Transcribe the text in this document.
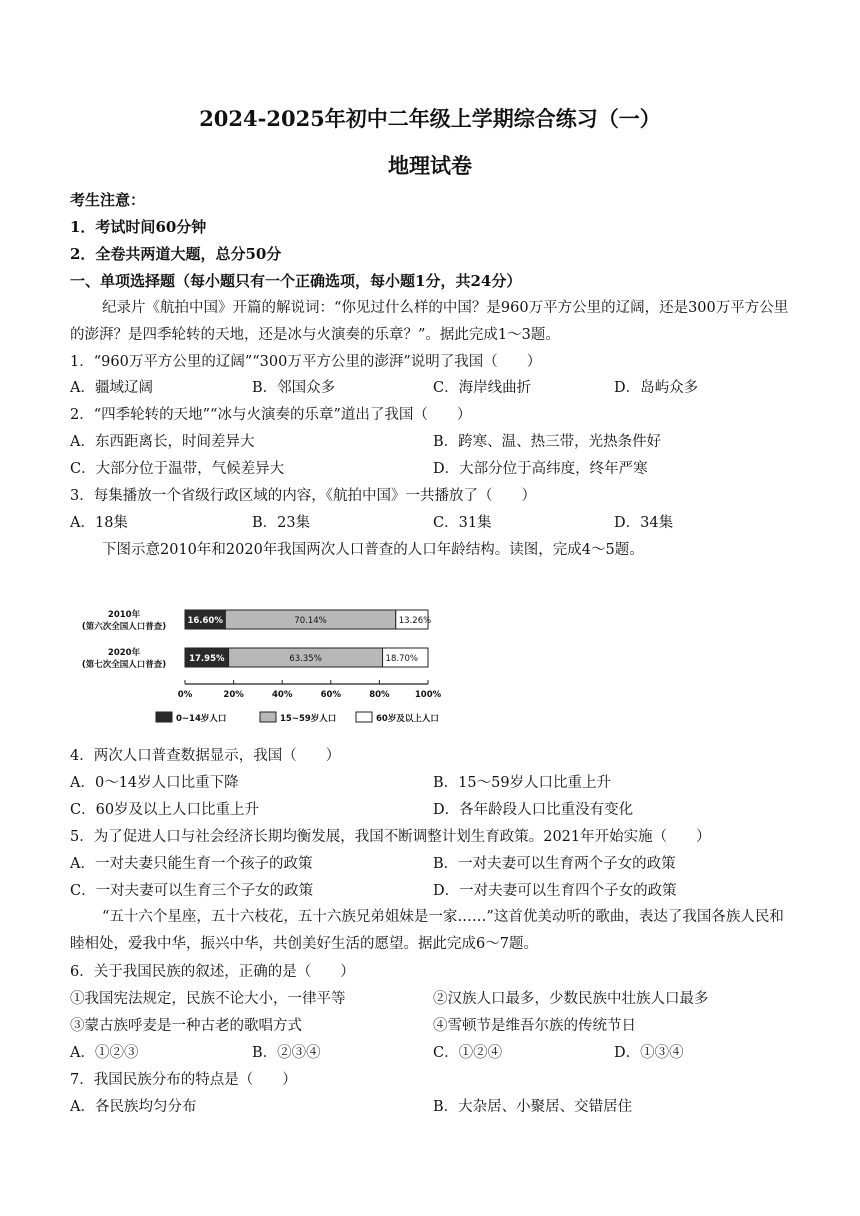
2024-2025年初中二年级上学期综合练习（一）
地理试卷
考生注意：
1．考试时间60分钟
2．全卷共两道大题，总分50分
一、单项选择题（每小题只有一个正确选项，每小题1分，共24分）
纪录片《航拍中国》开篇的解说词：“你见过什么样的中国？是960万平方公里的辽阔，还是300万平方公里的澎湃？是四季轮转的天地，还是冰与火演奏的乐章？”。据此完成1～3题。
1．“960万平方公里的辽阔”“300万平方公里的澎湃”说明了我国（　　）
A．疆域辽阔	B．邻国众多	C．海岸线曲折	D．岛屿众多
2．“四季轮转的天地”“冰与火演奏的乐章”道出了我国（　　）
A．东西距离长，时间差异大	B．跨寒、温、热三带，光热条件好
C．大部分位于温带，气候差异大	D．大部分位于高纬度，终年严寒
3．每集播放一个省级行政区域的内容，《航拍中国》一共播放了（　　）
A．18集	B．23集	C．31集	D．34集
下图示意2010年和2020年我国两次人口普查的人口年龄结构。读图，完成4～5题。
2010年
(第六次全国人口普查)
2020年
(第七次全国人口普查)
16.60%	70.14%	13.26%
17.95%	63.35%	18.70%
0%	20%	40%	60%	80%	100%
0~14岁人口	15~59岁人口	60岁及以上人口
4．两次人口普查数据显示，我国（　　）
A．0～14岁人口比重下降	B．15～59岁人口比重上升
C．60岁及以上人口比重上升	D．各年龄段人口比重没有变化
5．为了促进人口与社会经济长期均衡发展，我国不断调整计划生育政策。2021年开始实施（　　）
A．一对夫妻只能生育一个孩子的政策	B．一对夫妻可以生育两个子女的政策
C．一对夫妻可以生育三个子女的政策	D．一对夫妻可以生育四个子女的政策
“五十六个星座，五十六枝花，五十六族兄弟姐妹是一家……”这首优美动听的歌曲，表达了我国各族人民和睦相处，爱我中华，振兴中华，共创美好生活的愿望。据此完成6～7题。
6．关于我国民族的叙述，正确的是（　　）
①我国宪法规定，民族不论大小，一律平等	②汉族人口最多，少数民族中壮族人口最多
③蒙古族呼麦是一种古老的歌唱方式	④雪顿节是维吾尔族的传统节日
A．①②③	B．②③④	C．①②④	D．①③④
7．我国民族分布的特点是（　　）
A．各民族均匀分布	B．大杂居、小聚居、交错居住
